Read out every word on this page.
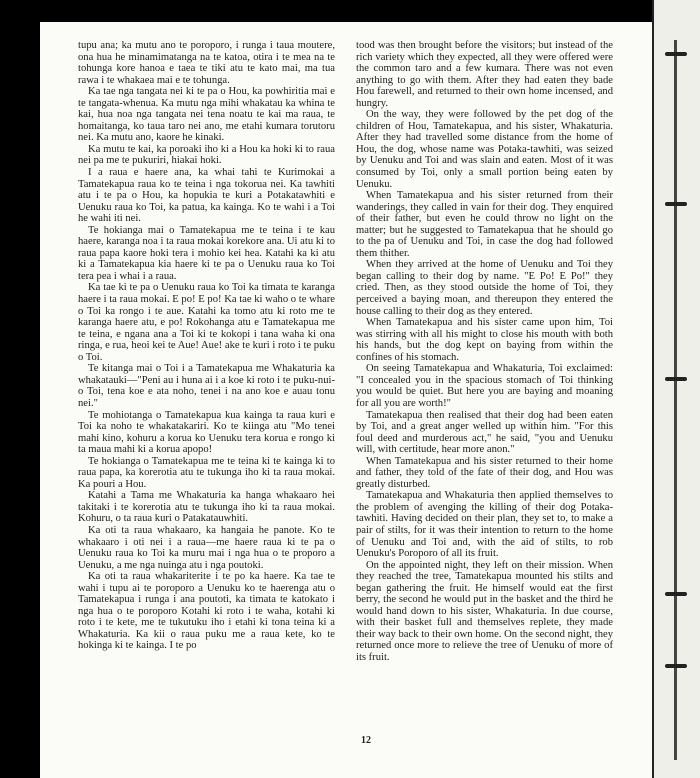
tupu ana; ka mutu ano te poroporo, i runga i taua moutere, ona hua he minamimatanga na te katoa, otira i te mea na te tohunga kore hanoa e taea te tiki atu te kato mai, ma tua rawa i te whakaea mai e te tohunga.

Ka tae nga tangata nei ki te pa o Hou, ka powhiritia mai e te tangata-whenua. Ka mutu nga mihi whakatau ka whina te kai, hua noa nga tangata nei tena noatu te kai ma raua, te homaitanga, ko taua taro nei ano, me etahi kumara torutoru nei. Ka mutu ano, kaore he kinaki.

Ka mutu te kai, ka poroaki iho ki a Hou ka hoki ki to raua nei pa me te pukuriri, hiakai hoki.

I a raua e haere ana, ka whai tahi te Kurimokai a Tamatekapua raua ko te teina i nga tokorua nei. Ka tawhiti atu i te pa o Hou, ka hopukia te kuri a Potakatawhiti e Uenuku raua ko Toi, ka patua, ka kainga. Ko te wahi i a Toi he wahi iti nei.

Te hokianga mai o Tamatekapua me te teina i te kau haere, karanga noa i ta raua mokai korekore ana. Ui atu ki to raua papa kaore hoki tera i mohio kei hea. Katahi ka ki atu ki a Tamatekapua kia haere ki te pa o Uenuku raua ko Toi tera pea i whai i a raua.

Ka tae ki te pa o Uenuku raua ko Toi ka timata te karanga haere i ta raua mokai. E po! E po! Ka tae ki waho o te whare o Toi ka rongo i te aue. Katahi ka tomo atu ki roto me te karanga haere atu, e po! Rokohanga atu e Tamatekapua me te teina, e ngana ana a Toi ki te kokopi i tana waha ki ona ringa, e rua, heoi kei te Aue! Aue! ake te kuri i roto i te puku o Toi.

Te kitanga mai o Toi i a Tamatekapua me Whakaturia ka whakatauki—"Peni au i huna ai i a koe ki roto i te puku-nui-o Toi, tena koe e ata noho, tenei i na ano koe e auau tonu nei."

Te mohiotanga o Tamatekapua kua kainga ta raua kuri e Toi ka noho te whakatakariri. Ko te kiinga atu "Mo tenei mahi kino, kohuru a korua ko Uenuku tera korua e rongo ki ta maua mahi ki a korua apopo!

Te hokianga o Tamatekapua me te teina ki te kainga ki to raua papa, ka korerotia atu te tukunga iho ki ta raua mokai. Ka pouri a Hou.

Katahi a Tama me Whakaturia ka hanga whakaaro hei takitaki i te korerotia atu te tukunga iho ki ta raua mokai. Kohuru, o ta raua kuri o Patakatauwhiti.

Ka oti ta raua whakaaro, ka hangaia he panote. Ko te whakaaro i oti nei i a raua—me haere raua ki te pa o Uenuku raua ko Toi ka muru mai i nga hua o te proporo a Uenuku, a me nga nuinga atu i nga poutoki.

Ka oti ta raua whakariterite i te po ka haere. Ka tae te wahi i tupu ai te poroporo a Uenuku ko te haerenga atu o Tamatekapua i runga i ana poutoti, ka timata te katokato i nga hua o te poroporo Kotahi ki roto i te waha, kotahi ki roto i te kete, me te tukutuku iho i etahi ki tona teina ki a Whakaturia. Ka kii o raua puku me a raua kete, ko te hokinga ki te kainga. I te po

tood was then brought before the visitors; but instead of the rich variety which they expected, all they were offered were the common taro and a few kumara. There was not even anything to go with them. After they had eaten they bade Hou farewell, and returned to their own home incensed, and hungry.

On the way, they were followed by the pet dog of the children of Hou, Tamatekapua, and his sister, Whakaturia. After they had travelled some distance from the home of Hou, the dog, whose name was Potaka-tawhiti, was seized by Uenuku and Toi and was slain and eaten. Most of it was consumed by Toi, only a small portion being eaten by Uenuku.

When Tamatekapua and his sister returned from their wanderings, they called in vain for their dog. They enquired of their father, but even he could throw no light on the matter; but he suggested to Tamatekapua that he should go to the pa of Uenuku and Toi, in case the dog had followed them thither.

When they arrived at the home of Uenuku and Toi they began calling to their dog by name. "E Po! E Po!" they cried. Then, as they stood outside the home of Toi, they perceived a baying moan, and thereupon they entered the house calling to their dog as they entered.

When Tamatekapua and his sister came upon him, Toi was stirring with all his might to close his mouth with both his hands, but the dog kept on baying from within the confines of his stomach.

On seeing Tamatekapua and Whakaturia, Toi exclaimed: "I concealed you in the spacious stomach of Toi thinking you would be quiet. But here you are baying and moaning for all you are worth!"

Tamatekapua then realised that their dog had been eaten by Toi, and a great anger welled up within him. "For this foul deed and murderous act," he said, "you and Uenuku will, with certitude, hear more anon."

When Tamatekapua and his sister returned to their home and father, they told of the fate of their dog, and Hou was greatly disturbed.

Tamatekapua and Whakaturia then applied themselves to the problem of avenging the killing of their dog Potaka-tawhiti. Having decided on their plan, they set to, to make a pair of stilts, for it was their intention to return to the home of Uenuku and Toi and, with the aid of stilts, to rob Uenuku's Poroporo of all its fruit.

On the appointed night, they left on their mission. When they reached the tree, Tamatekapua mounted his stilts and began gathering the fruit. He himself would eat the first berry, the second he would put in the basket and the third he would hand down to his sister, Whakaturia. In due course, with their basket full and themselves replete, they made their way back to their own home. On the second night, they returned once more to relieve the tree of Uenuku of more of its fruit.

12
